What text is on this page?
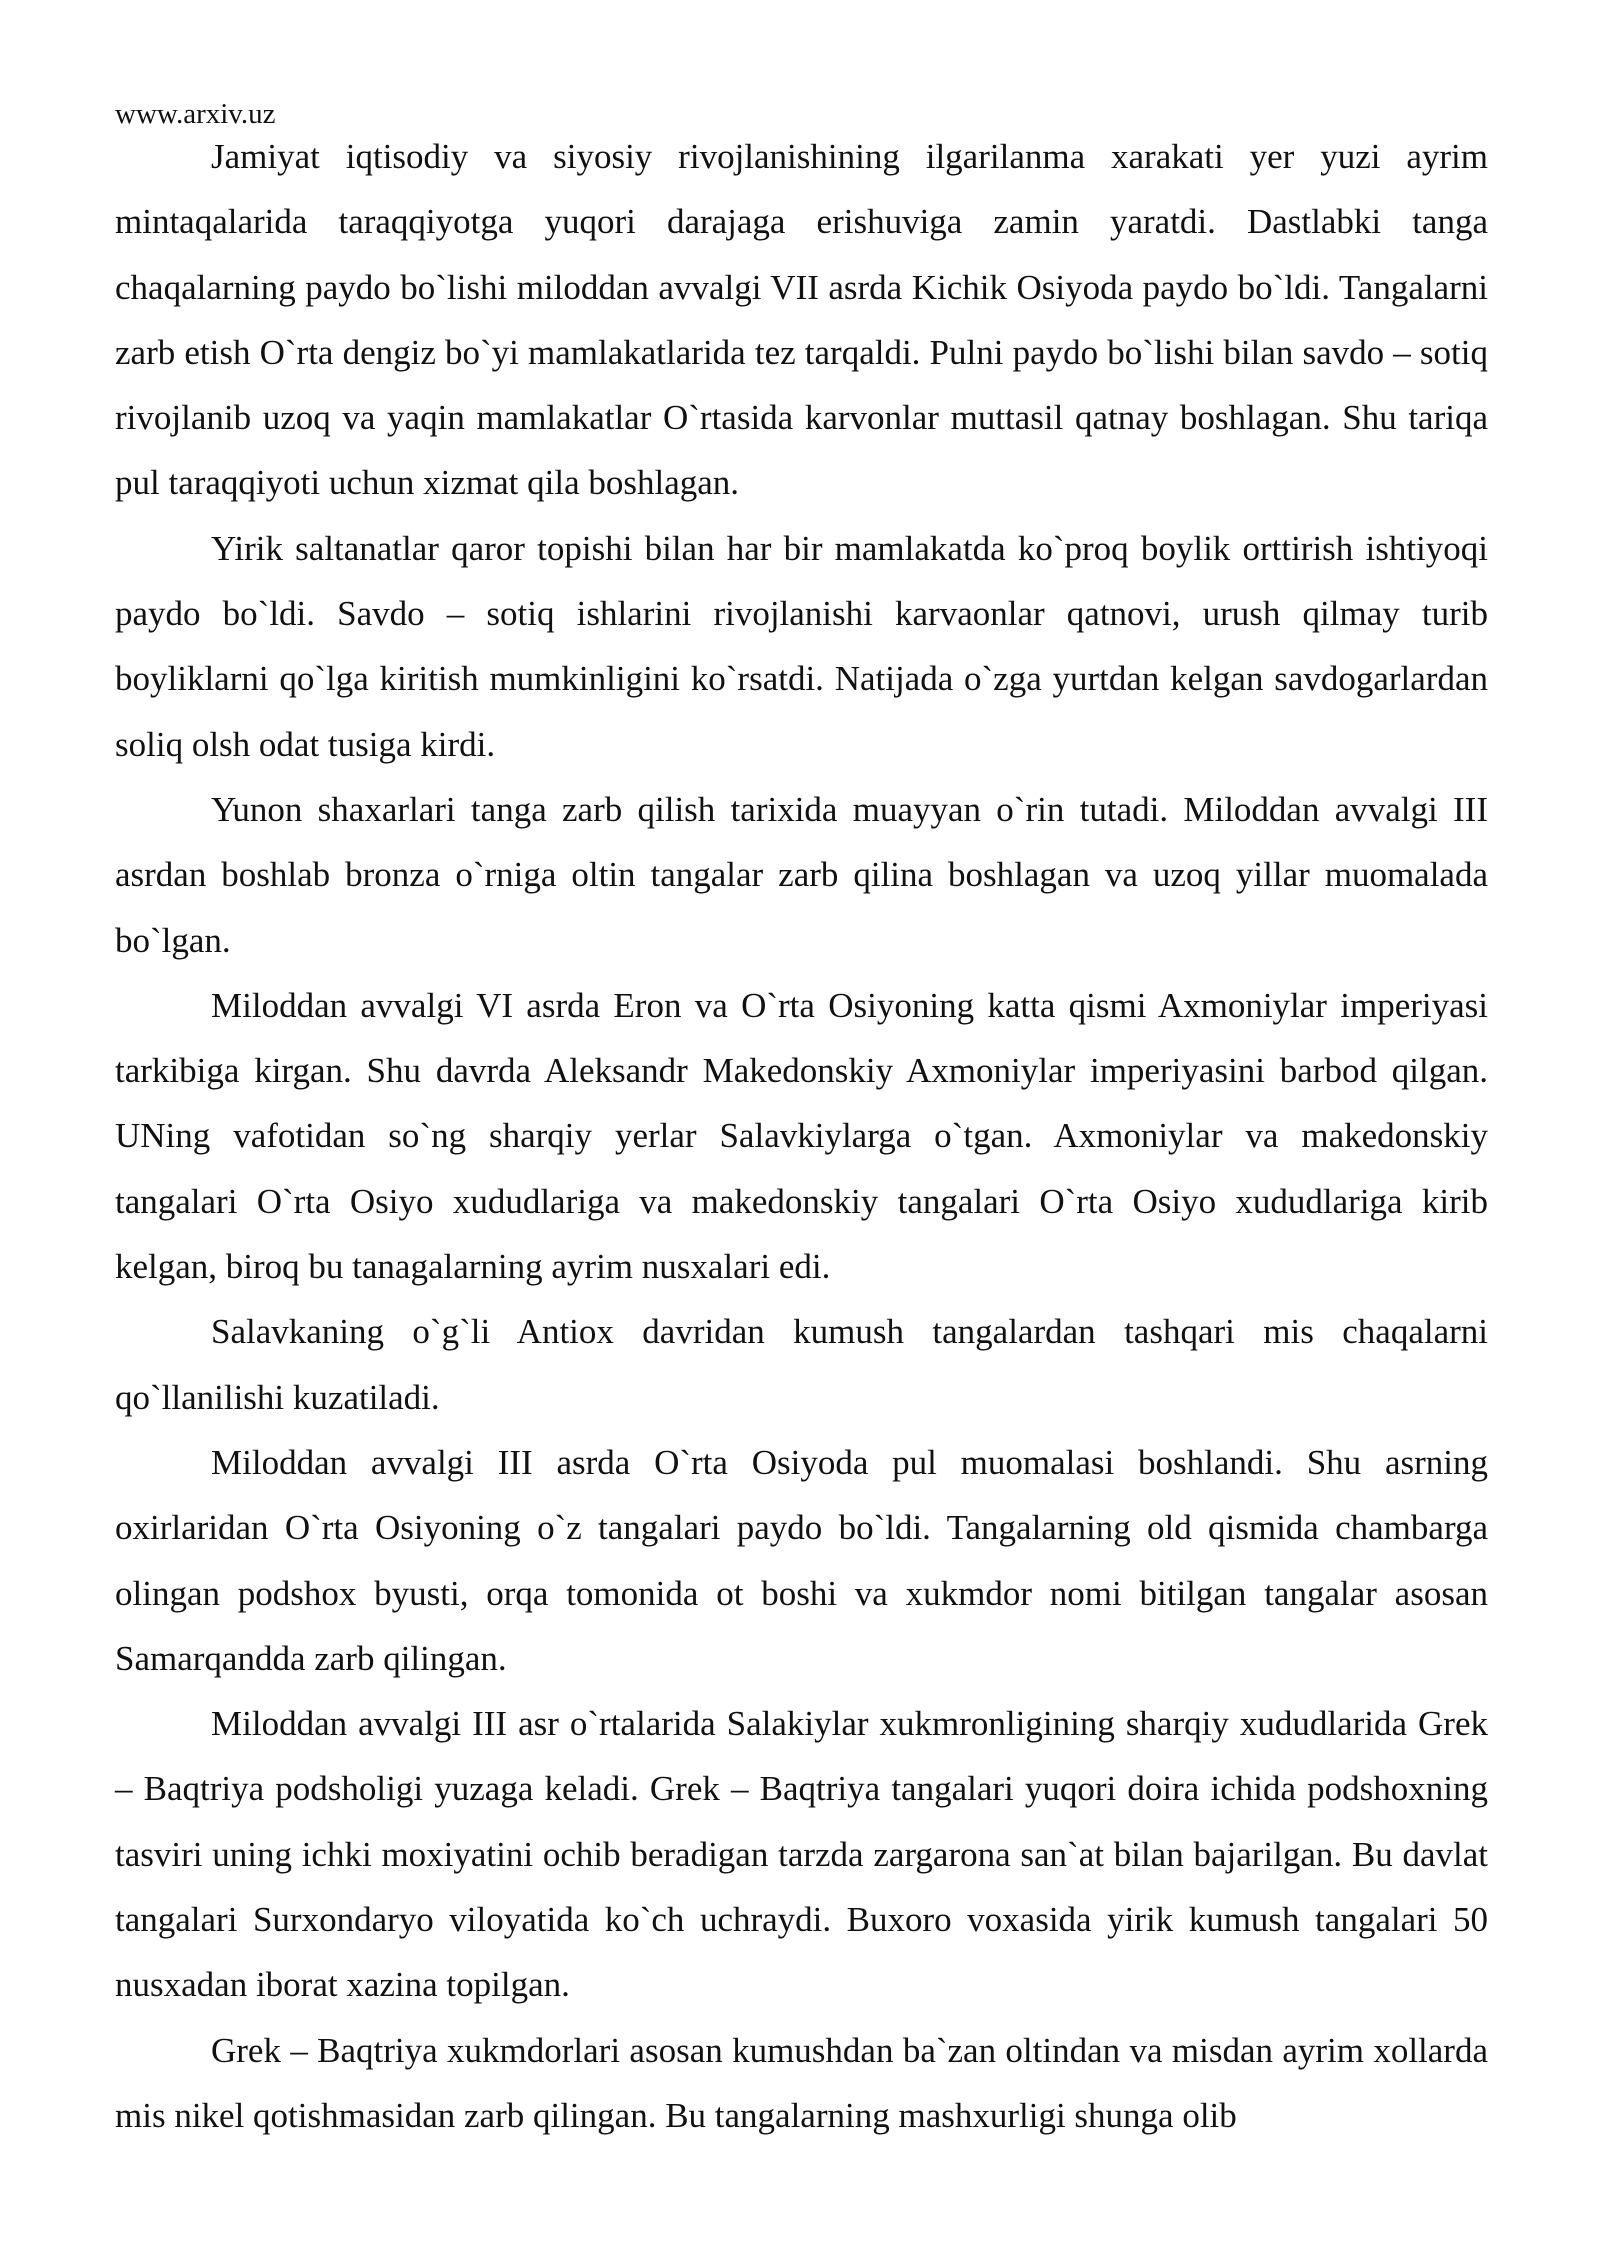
www.arxiv.uz

Jamiyat iqtisodiy va siyosiy rivojlanishining ilgarilanma xarakati yer yuzi ayrim mintaqalarida taraqqiyotga yuqori darajaga erishuviga zamin yaratdi. Dastlabki tanga chaqalarning paydo bo`lishi miloddan avvalgi VII asrda Kichik Osiyoda paydo bo`ldi. Tangalarni zarb etish O`rta dengiz bo`yi mamlakatlarida tez tarqaldi. Pulni paydo bo`lishi bilan savdo – sotiq rivojlanib uzoq va yaqin mamlakatlar O`rtasida karvonlar muttasil qatnay boshlagan. Shu tariqa pul taraqqiyoti uchun xizmat qila boshlagan.

Yirik saltanatlar qaror topishi bilan har bir mamlakatda ko`proq boylik orttirish ishtiyoqi paydo bo`ldi. Savdo – sotiq ishlarini rivojlanishi karvaonlar qatnovi, urush qilmay turib boyliklarni qo`lga kiritish mumkinligini ko`rsatdi. Natijada o`zga yurtdan kelgan savdogarlardan soliq olsh odat tusiga kirdi.

Yunon shaxarlari tanga zarb qilish tarixida muayyan o`rin tutadi. Miloddan avvalgi III asrdan boshlab bronza o`rniga oltin tangalar zarb qilina boshlagan va uzoq yillar muomalada bo`lgan.

Miloddan avvalgi VI asrda Eron va O`rta Osiyoning katta qismi Axmoniylar imperiyasi tarkibiga kirgan. Shu davrda Aleksandr Makedonskiy Axmoniylar imperiyasini barbod qilgan. UNing vafotidan so`ng sharqiy yerlar Salavkiylarga o`tgan. Axmoniylar va makedonskiy tangalari O`rta Osiyo xududlariga va makedonskiy tangalari O`rta Osiyo xududlariga kirib kelgan, biroq bu tanagalarning ayrim nusxalari edi.

Salavkaning o`g`li Antiox davridan kumush tangalardan tashqari mis chaqalarni qo`llanilishi kuzatiladi.

Miloddan avvalgi III asrda O`rta Osiyoda pul muomalasi boshlandi. Shu asrning oxirlaridan O`rta Osiyoning o`z tangalari paydo bo`ldi. Tangalarning old qismida chambarga olingan podshox byusti, orqa tomonida ot boshi va xukmdor nomi bitilgan tangalar asosan Samarqandda zarb qilingan.

Miloddan avvalgi III asr o`rtalarida Salakiylar xukmronligining sharqiy xududlarida Grek – Baqtriya podsholigi yuzaga keladi. Grek – Baqtriya tangalari yuqori doira ichida podshoxning tasviri uning ichki moxiyatini ochib beradigan tarzda zargarona san`at bilan bajarilgan. Bu davlat tangalari Surxondaryo viloyatida ko`ch uchraydi. Buxoro voxasida yirik kumush tangalari 50 nusxadan iborat xazina topilgan.

Grek – Baqtriya xukmdorlari asosan kumushdan ba`zan oltindan va misdan ayrim xollarda mis nikel qotishmasidan zarb qilingan. Bu tangalarning mashxurligi shunga olib
